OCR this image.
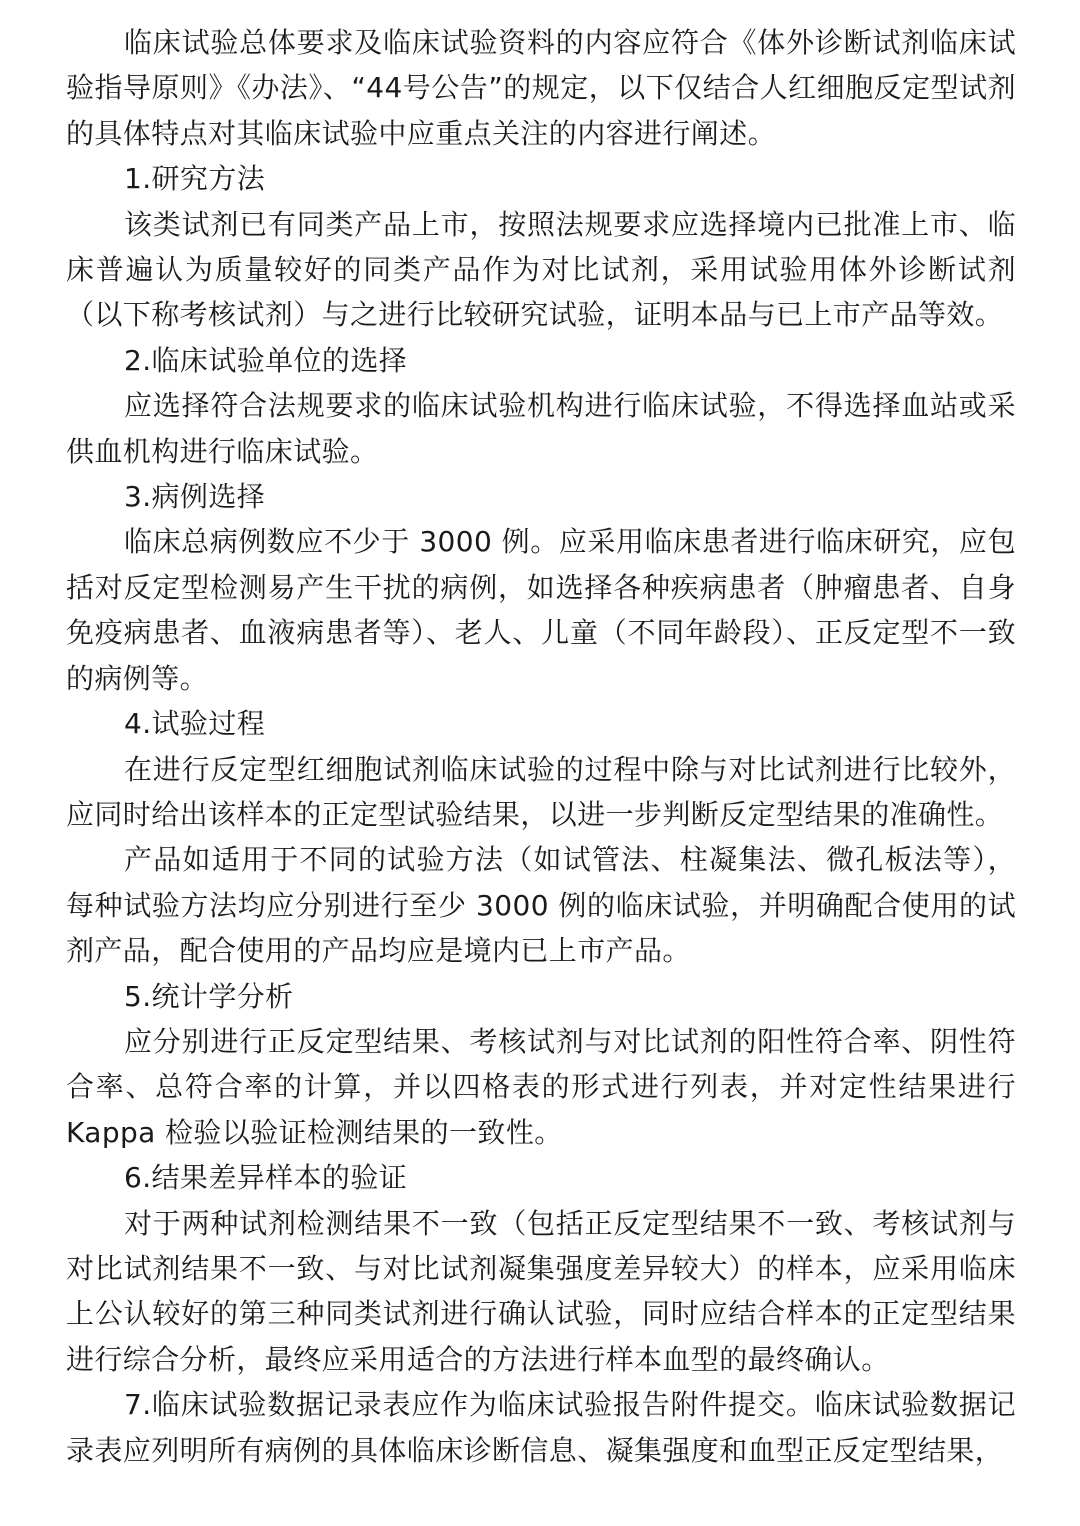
临床试验总体要求及临床试验资料的内容应符合《体外诊断试剂临床试验指导原则》《办法》、“44号公告”的规定，以下仅结合人红细胞反定型试剂的具体特点对其临床试验中应重点关注的内容进行阐述。

1.研究方法

该类试剂已有同类产品上市，按照法规要求应选择境内已批准上市、临床普遍认为质量较好的同类产品作为对比试剂，采用试验用体外诊断试剂（以下称考核试剂）与之进行比较研究试验，证明本品与已上市产品等效。

2.临床试验单位的选择

应选择符合法规要求的临床试验机构进行临床试验，不得选择血站或采供血机构进行临床试验。

3.病例选择

临床总病例数应不少于 3000 例。应采用临床患者进行临床研究，应包括对反定型检测易产生干扰的病例，如选择各种疾病患者（肿瘤患者、自身免疫病患者、血液病患者等）、老人、儿童（不同年龄段）、正反定型不一致的病例等。

4.试验过程

在进行反定型红细胞试剂临床试验的过程中除与对比试剂进行比较外，应同时给出该样本的正定型试验结果，以进一步判断反定型结果的准确性。

产品如适用于不同的试验方法（如试管法、柱凝集法、微孔板法等），每种试验方法均应分别进行至少 3000 例的临床试验，并明确配合使用的试剂产品，配合使用的产品均应是境内已上市产品。

5.统计学分析

应分别进行正反定型结果、考核试剂与对比试剂的阳性符合率、阴性符合率、总符合率的计算，并以四格表的形式进行列表，并对定性结果进行 Kappa 检验以验证检测结果的一致性。

6.结果差异样本的验证

对于两种试剂检测结果不一致（包括正反定型结果不一致、考核试剂与对比试剂结果不一致、与对比试剂凝集强度差异较大）的样本，应采用临床上公认较好的第三种同类试剂进行确认试验，同时应结合样本的正定型结果进行综合分析，最终应采用适合的方法进行样本血型的最终确认。

7.临床试验数据记录表应作为临床试验报告附件提交。临床试验数据记录表应列明所有病例的具体临床诊断信息、凝集强度和血型正反定型结果，
